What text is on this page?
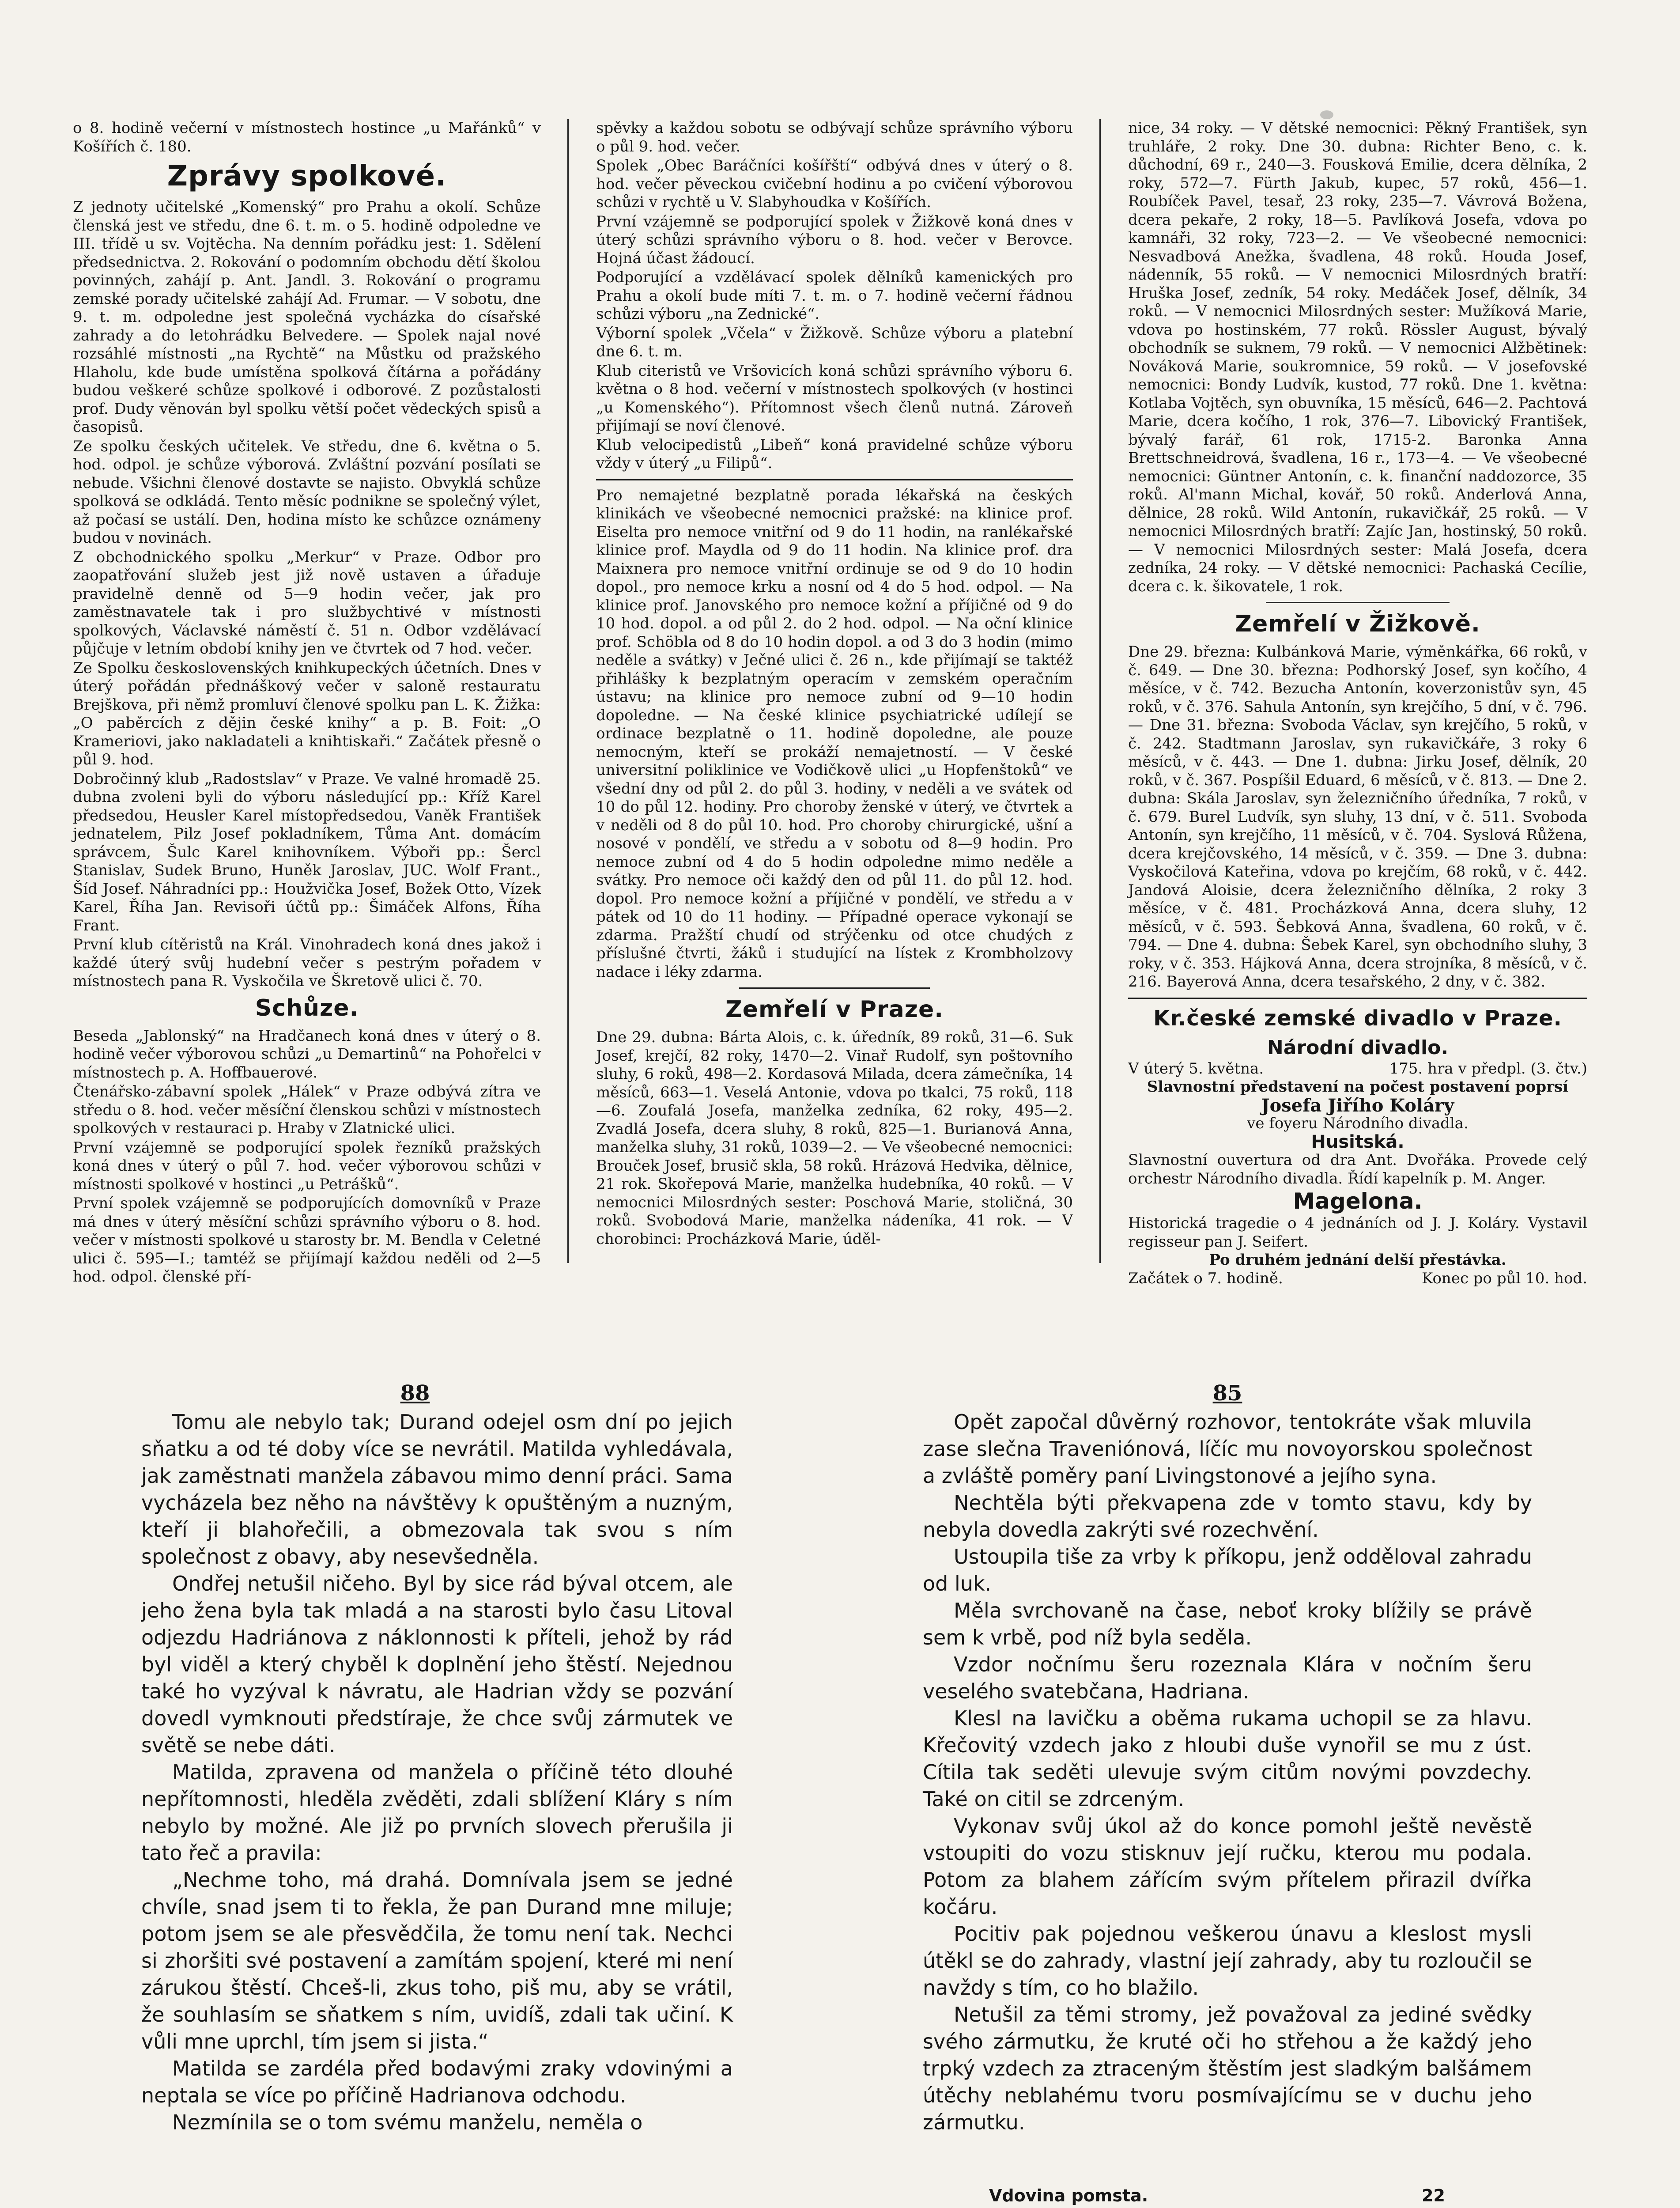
o 8. hodině večerní v místnostech hostince „u Mařánků“ v Košířích č. 180.

Zprávy spolkové.

Z jednoty učitelské „Komenský“ pro Prahu a okolí. Schůze členská jest ve středu, dne 6. t. m. o 5. hodině odpoledne ve III. třídě u sv. Vojtěcha. Na denním pořádku jest: 1. Sdělení předsednictva. 2. Rokování o podomním obchodu dětí školou povinných, zahájí p. Ant. Jandl. 3. Rokování o programu zemské porady učitelské zahájí Ad. Frumar. — V sobotu, dne 9. t. m. odpoledne jest společná vycházka do císařské zahrady a do letohrádku Belvedere. — Spolek najal nové rozsáhlé místnosti „na Rychtě“ na Můstku od pražského Hlaholu, kde bude umístěna spolková čítárna a pořádány budou veškeré schůze spolkové i odborové. Z pozůstalosti prof. Dudy věnován byl spolku větší počet vědeckých spisů a časopisů.

Ze spolku českých učitelek. Ve středu, dne 6. května o 5. hod. odpol. je schůze výborová. Zvláštní pozvání posílati se nebude. Všichni členové dostavte se najisto. Obvyklá schůze spolková se odkládá. Tento měsíc podnikne se společný výlet, až počasí se ustálí. Den, hodina místo ke schůzce oznámeny budou v novinách.

Z obchodnického spolku „Merkur“ v Praze. Odbor pro zaopatřování služeb jest již nově ustaven a úřaduje pravidelně denně od 5—9 hodin večer, jak pro zaměstnavatele tak i pro službychtivé v místnosti spolkových, Václavské náměstí č. 51 n. Odbor vzdělávací půjčuje v letním období knihy jen ve čtvrtek od 7 hod. večer.

Ze Spolku československých knihkupeckých účetních. Dnes v úterý pořádán přednáškový večer v saloně restauratu Brejškova, při němž promluví členové spolku pan L. K. Žižka: „O paběrcích z dějin české knihy“ a p. B. Foit: „O Krameriovi, jako nakladateli a knihtiskaři.“ Začátek přesně o půl 9. hod.

Dobročinný klub „Radostslav“ v Praze. Ve valné hromadě 25. dubna zvoleni byli do výboru následující pp.: Kříž Karel předsedou, Heusler Karel místopředsedou, Vaněk František jednatelem, Pilz Josef pokladníkem, Tůma Ant. domácím správcem, Šulc Karel knihovníkem. Výboři pp.: Šercl Stanislav, Sudek Bruno, Huněk Jaroslav, JUC. Wolf Frant., Šíd Josef. Náhradníci pp.: Houžvička Josef, Božek Otto, Vízek Karel, Říha Jan. Revisoři účtů pp.: Šimáček Alfons, Říha Frant.

První klub cítěristů na Král. Vinohradech koná dnes jakož i každé úterý svůj hudební večer s pestrým pořadem v místnostech pana R. Vyskočila ve Škretově ulici č. 70.

Schůze.

Beseda „Jablonský“ na Hradčanech koná dnes v úterý o 8. hodině večer výborovou schůzi „u Demartinů“ na Pohořelci v místnostech p. A. Hoffbauerové.

Čtenářsko-zábavní spolek „Hálek“ v Praze odbývá zítra ve středu o 8. hod. večer měsíční členskou schůzi v místnostech spolkových v restauraci p. Hraby v Zlatnické ulici.

První vzájemně se podporující spolek řezníků pražských koná dnes v úterý o půl 7. hod. večer výborovou schůzi v místnosti spolkové v hostinci „u Petrášků“.

První spolek vzájemně se podporujících domovníků v Praze má dnes v úterý měsíční schůzi správního výboru o 8. hod. večer v místnosti spolkové u starosty br. M. Bendla v Celetné ulici č. 595—I.; tamtéž se přijímají každou neděli od 2—5 hod. odpol. členské pří-

spěvky a každou sobotu se odbývají schůze správního výboru o půl 9. hod. večer.

Spolek „Obec Baráčníci košířští“ odbývá dnes v úterý o 8. hod. večer pěveckou cvičební hodinu a po cvičení výborovou schůzi v rychtě u V. Slabyhoudka v Košířích.

První vzájemně se podporující spolek v Žižkově koná dnes v úterý schůzi správního výboru o 8. hod. večer v Berovce. Hojná účast žádoucí.

Podporující a vzdělávací spolek dělníků kamenických pro Prahu a okolí bude míti 7. t. m. o 7. hodině večerní řádnou schůzi výboru „na Zednické“.

Výborní spolek „Včela“ v Žižkově. Schůze výboru a platební dne 6. t. m.

Klub citeristů ve Vršovicích koná schůzi správního výboru 6. května o 8 hod. večerní v místnostech spolkových (v hostinci „u Komenského“). Přítomnost všech členů nutná. Zároveň přijímají se noví členové.

Klub velocipedistů „Libeň“ koná pravidelné schůze výboru vždy v úterý „u Filipů“.

Pro nemajetné bezplatně porada lékařská na českých klinikách ve všeobecné nemocnici pražské: na klinice prof. Eiselta pro nemoce vnitřní od 9 do 11 hodin, na ranlékařské klinice prof. Maydla od 9 do 11 hodin. Na klinice prof. dra Maixnera pro nemoce vnitřní ordinuje se od 9 do 10 hodin dopol., pro nemoce krku a nosní od 4 do 5 hod. odpol. — Na klinice prof. Janovského pro nemoce kožní a příjičné od 9 do 10 hod. dopol. a od půl 2. do 2 hod. odpol. — Na oční klinice prof. Schöbla od 8 do 10 hodin dopol. a od 3 do 3 hodin (mimo neděle a svátky) v Ječné ulici č. 26 n., kde přijímají se taktéž přihlášky k bezplatným operacím v zemském operačním ústavu; na klinice pro nemoce zubní od 9—10 hodin dopoledne. — Na české klinice psychiatrické udílejí se ordinace bezplatně o 11. hodině dopoledne, ale pouze nemocným, kteří se prokáží nemajetností. — V české universitní poliklinice ve Vodičkově ulici „u Hopfenštoků“ ve všední dny od půl 2. do půl 3. hodiny, v neděli a ve svátek od 10 do půl 12. hodiny. Pro choroby ženské v úterý, ve čtvrtek a v neděli od 8 do půl 10. hod. Pro choroby chirurgické, ušní a nosové v pondělí, ve středu a v sobotu od 8—9 hodin. Pro nemoce zubní od 4 do 5 hodin odpoledne mimo neděle a svátky. Pro nemoce oči každý den od půl 11. do půl 12. hod. dopol. Pro nemoce kožní a příjičné v pondělí, ve středu a v pátek od 10 do 11 hodiny. — Případné operace vykonají se zdarma. Pražští chudí od strýčenku od otce chudých z příslušné čtvrti, žáků i studující na lístek z Krombholzovy nadace i léky zdarma.

Zemřelí v Praze.

Dne 29. dubna: Bárta Alois, c. k. úředník, 89 roků, 31—6. Suk Josef, krejčí, 82 roky, 1470—2. Vinař Rudolf, syn poštovního sluhy, 6 roků, 498—2. Kordasová Milada, dcera zámečníka, 14 měsíců, 663—1. Veselá Antonie, vdova po tkalci, 75 roků, 118—6. Zoufalá Josefa, manželka zedníka, 62 roky, 495—2. Zvadlá Josefa, dcera sluhy, 8 roků, 825—1. Burianová Anna, manželka sluhy, 31 roků, 1039—2. — Ve všeobecné nemocnici: Brouček Josef, brusič skla, 58 roků. Hrázová Hedvika, dělnice, 21 rok. Skořepová Marie, manželka hudebníka, 40 roků. — V nemocnici Milosrdných sester: Poschová Marie, stoličná, 30 roků. Svobodová Marie, manželka nádeníka, 41 rok. — V chorobinci: Procházková Marie, úděl-

nice, 34 roky. — V dětské nemocnici: Pěkný František, syn truhláře, 2 roky. Dne 30. dubna: Richter Beno, c. k. důchodní, 69 r., 240—3. Fousková Emilie, dcera dělníka, 2 roky, 572—7. Fürth Jakub, kupec, 57 roků, 456—1. Roubíček Pavel, tesař, 23 roky, 235—7. Vávrová Božena, dcera pekaře, 2 roky, 18—5. Pavlíková Josefa, vdova po kamnáři, 32 roky, 723—2. — Ve všeobecné nemocnici: Nesvadbová Anežka, švadlena, 48 roků. Houda Josef, nádenník, 55 roků. — V nemocnici Milosrdných bratří: Hruška Josef, zedník, 54 roky. Medáček Josef, dělník, 34 roků. — V nemocnici Milosrdných sester: Mužíková Marie, vdova po hostinském, 77 roků. Rössler August, bývalý obchodník se suknem, 79 roků. — V nemocnici Alžbětinek: Nováková Marie, soukromnice, 59 roků. — V josefovské nemocnici: Bondy Ludvík, kustod, 77 roků. Dne 1. května: Kotlaba Vojtěch, syn obuvníka, 15 měsíců, 646—2. Pachtová Marie, dcera kočího, 1 rok, 376—7. Libovický František, bývalý farář, 61 rok, 1715-2. Baronka Anna Brettschneidrová, švadlena, 16 r., 173—4. — Ve všeobecné nemocnici: Güntner Antonín, c. k. finanční naddozorce, 35 roků. Al'mann Michal, kovář, 50 roků. Anderlová Anna, dělnice, 28 roků. Wild Antonín, rukavičkář, 25 roků. — V nemocnici Milosrdných bratří: Zajíc Jan, hostinský, 50 roků. — V nemocnici Milosrdných sester: Malá Josefa, dcera zedníka, 24 roky. — V dětské nemocnici: Pachaská Cecílie, dcera c. k. šikovatele, 1 rok.

Zemřelí v Žižkově.

Dne 29. března: Kulbánková Marie, výměnkářka, 66 roků, v č. 649. — Dne 30. března: Podhorský Josef, syn kočího, 4 měsíce, v č. 742. Bezucha Antonín, koverzonistův syn, 45 roků, v č. 376. Sahula Antonín, syn krejčího, 5 dní, v č. 796. — Dne 31. března: Svoboda Václav, syn krejčího, 5 roků, v č. 242. Stadtmann Jaroslav, syn rukavičkáře, 3 roky 6 měsíců, v č. 443. — Dne 1. dubna: Jirku Josef, dělník, 20 roků, v č. 367. Pospíšil Eduard, 6 měsíců, v č. 813. — Dne 2. dubna: Skála Jaroslav, syn železničního úředníka, 7 roků, v č. 679. Burel Ludvík, syn sluhy, 13 dní, v č. 511. Svoboda Antonín, syn krejčího, 11 měsíců, v č. 704. Syslová Růžena, dcera krejčovského, 14 měsíců, v č. 359. — Dne 3. dubna: Vyskočilová Kateřina, vdova po krejčím, 68 roků, v č. 442. Jandová Aloisie, dcera železničního dělníka, 2 roky 3 měsíce, v č. 481. Procházková Anna, dcera sluhy, 12 měsíců, v č. 593. Šebková Anna, švadlena, 60 roků, v č. 794. — Dne 4. dubna: Šebek Karel, syn obchodního sluhy, 3 roky, v č. 353. Hájková Anna, dcera strojníka, 8 měsíců, v č. 216. Bayerová Anna, dcera tesařského, 2 dny, v č. 382.

Kr.české zemské divadlo v Praze.
Národní divadlo.
V úterý 5. května.	175. hra v předpl. (3. čtv.)
Slavnostní představení na počest postavení poprsí
Josefa Jiřího Koláry
ve foyeru Národního divadla.
Husitská.

Slavnostní ouvertura od dra Ant. Dvořáka. Provede celý orchestr Národního divadla. Řídí kapelník p. M. Anger.

Magelona.

Historická tragedie o 4 jednáních od J. J. Koláry. Vystavil regisseur pan J. Seifert.

Po druhém jednání delší přestávka.
Začátek o 7. hodině.	Konec po půl 10. hod.
88	85

Tomu ale nebylo tak; Durand odejel osm dní po jejich sňatku a od té doby více se nevrátil. Matilda vyhledávala, jak zaměstnati manžela zábavou mimo denní práci. Sama vycházela bez něho na návštěvy k opuštěným a nuzným, kteří ji blahořečili, a obmezovala tak svou s ním společnost z obavy, aby nesevšedněla.

Ondřej netušil ničeho. Byl by sice rád býval otcem, ale jeho žena byla tak mladá a na starosti bylo času Litoval odjezdu Hadriánova z náklonnosti k příteli, jehož by rád byl viděl a který chyběl k doplnění jeho štěstí. Nejednou také ho vyzýval k návratu, ale Hadrian vždy se pozvání dovedl vymknouti předstíraje, že chce svůj zármutek ve světě se nebe dáti.

Matilda, zpravena od manžela o příčině této dlouhé nepřítomnosti, hleděla zvěděti, zdali sblížení Kláry s ním nebylo by možné. Ale již po prvních slovech přerušila ji tato řeč a pravila:

„Nechme toho, má drahá. Domnívala jsem se jedné chvíle, snad jsem ti to řekla, že pan Durand mne miluje; potom jsem se ale přesvědčila, že tomu není tak. Nechci si zhoršiti své postavení a zamítám spojení, které mi není zárukou štěstí. Chceš-li, zkus toho, piš mu, aby se vrátil, že souhlasím se sňatkem s ním, uvidíš, zdali tak učiní. K vůli mne uprchl, tím jsem si jista.“

Matilda se zardéla před bodavými zraky vdovinými a neptala se více po příčině Hadrianova odchodu.

Nezmínila se o tom svému manželu, neměla o

Opět započal důvěrný rozhovor, tentokráte však mluvila zase slečna Traveniónová, líčíc mu novoyorskou společnost a zvláště poměry paní Livingstonové a jejího syna.

Nechtěla býti překvapena zde v tomto stavu, kdy by nebyla dovedla zakrýti své rozechvění.

Ustoupila tiše za vrby k příkopu, jenž oddělovаl zahradu od luk.

Měla svrchovaně na čase, neboť kroky blížily se právě sem k vrbě, pod níž byla seděla.

Vzdor nočnímu šeru rozeznala Klára v nočním šeru veselého svatebčana, Hadriana.

Klesl na lavičku a oběma rukama uchopil se za hlavu. Křečovitý vzdech jako z hloubi duše vynořil se mu z úst. Cítila tak seděti ulevuje svým citům novými povzdechy. Také on citil se zdrceným.

Vykonav svůj úkol až do konce pomohl ještě nevěstě vstoupiti do vozu stisknuv její ručku, kterou mu podala. Potom za blahem zářícím svým přítelem přirazil dvířka kočáru.

Pocitiv pak pojednou veškerou únavu a kleslost mysli útěkl se do zahrady, vlastní její zahrady, aby tu rozloučil se navždy s tím, co ho blažilo.

Netušil za těmi stromy, jež považoval za jediné svědky svého zármutku, že kruté oči ho střehou a že každý jeho trpký vzdech za ztraceným štěstím jest sladkým balšámem útěchy neblahému tvoru posmívajícímu se v duchu jeho zármutku.

Vdovina pomsta.	22
